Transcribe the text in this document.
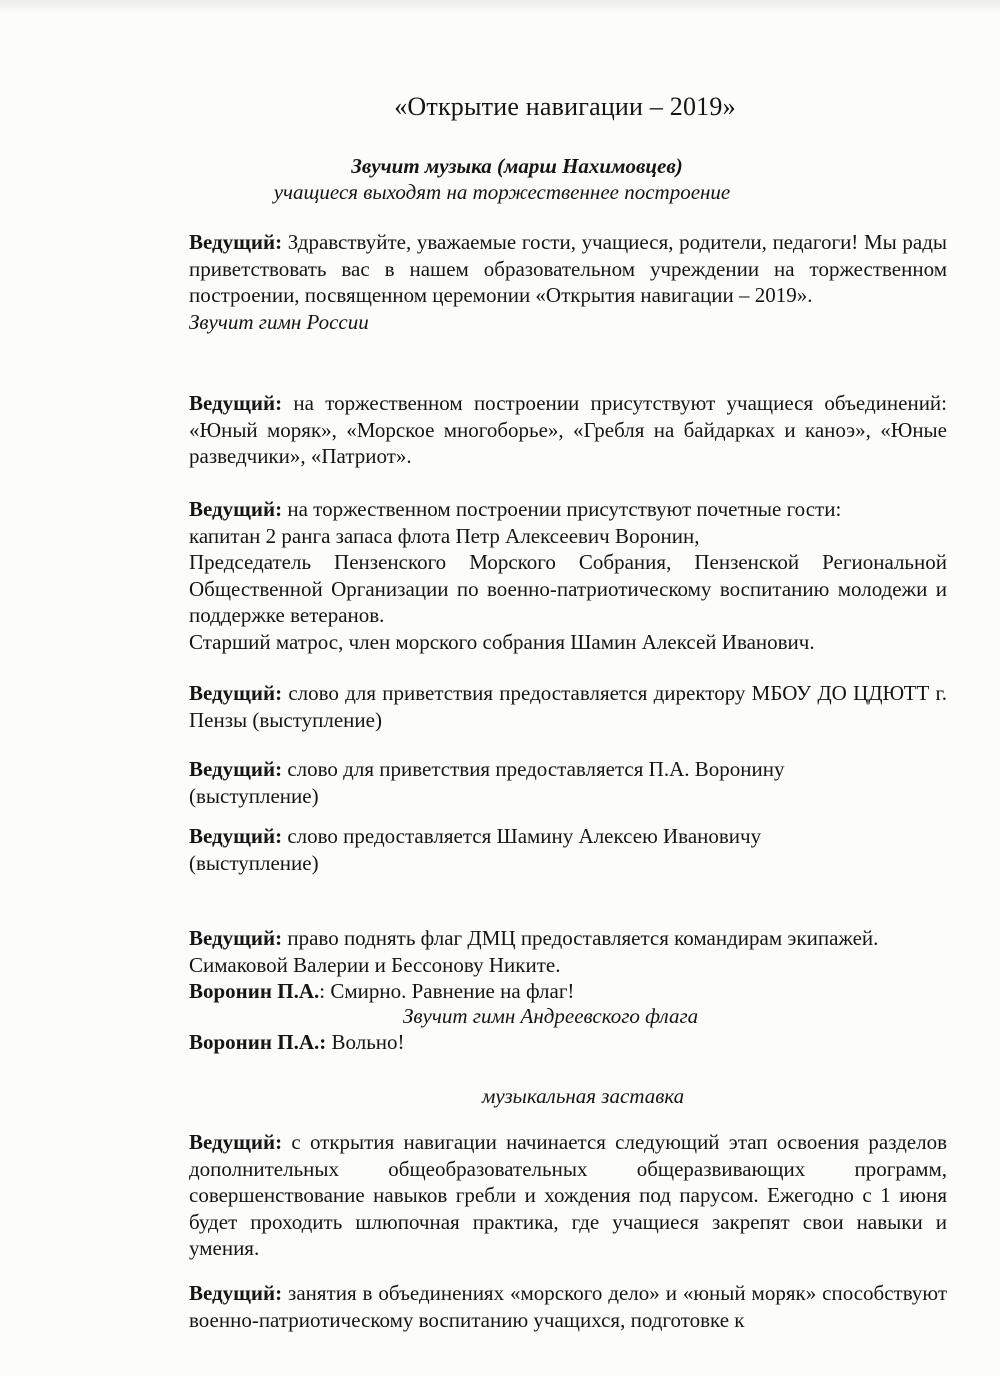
«Открытие навигации – 2019»
Звучит музыка (марш Нахимовцев)
учащиеся выходят на торжественнее построение

Ведущий: Здравствуйте, уважаемые гости, учащиеся, родители, педагоги! Мы рады приветствовать вас в нашем образовательном учреждении на торжественном построении, посвященном церемонии «Открытия навигации – 2019».

Звучит гимн России

Ведущий: на торжественном построении присутствуют учащиеся объединений: «Юный моряк», «Морское многоборье», «Гребля на байдарках и каноэ», «Юные разведчики», «Патриот».

Ведущий: на торжественном построении присутствуют почетные гости:

капитан 2 ранга запаса флота Петр Алексеевич Воронин,

Председатель Пензенского Морского Собрания, Пензенской Региональной Общественной Организации по военно-патриотическому воспитанию молодежи и поддержке ветеранов.

Старший матрос, член морского собрания Шамин Алексей Иванович.

Ведущий: слово для приветствия предоставляется директору МБОУ ДО ЦДЮТТ г. Пензы (выступление)

Ведущий: слово для приветствия предоставляется П.А. Воронину

(выступление)

Ведущий: слово предоставляется Шамину Алексею Ивановичу

(выступление)

Ведущий: право поднять флаг ДМЦ предоставляется командирам экипажей.

Симаковой Валерии и Бессонову Никите.

Воронин П.А.: Смирно. Равнение на флаг!

Звучит гимн Андреевского флага

Воронин П.А.: Вольно!

музыкальная заставка

Ведущий: с открытия навигации начинается следующий этап освоения разделов дополнительных общеобразовательных общеразвивающих программ, совершенствование навыков гребли и хождения под парусом. Ежегодно с 1 июня будет проходить шлюпочная практика, где учащиеся закрепят свои навыки и умения.

Ведущий: занятия в объединениях «морского дело» и «юный моряк» способствуют военно-патриотическому воспитанию учащихся, подготовке к
